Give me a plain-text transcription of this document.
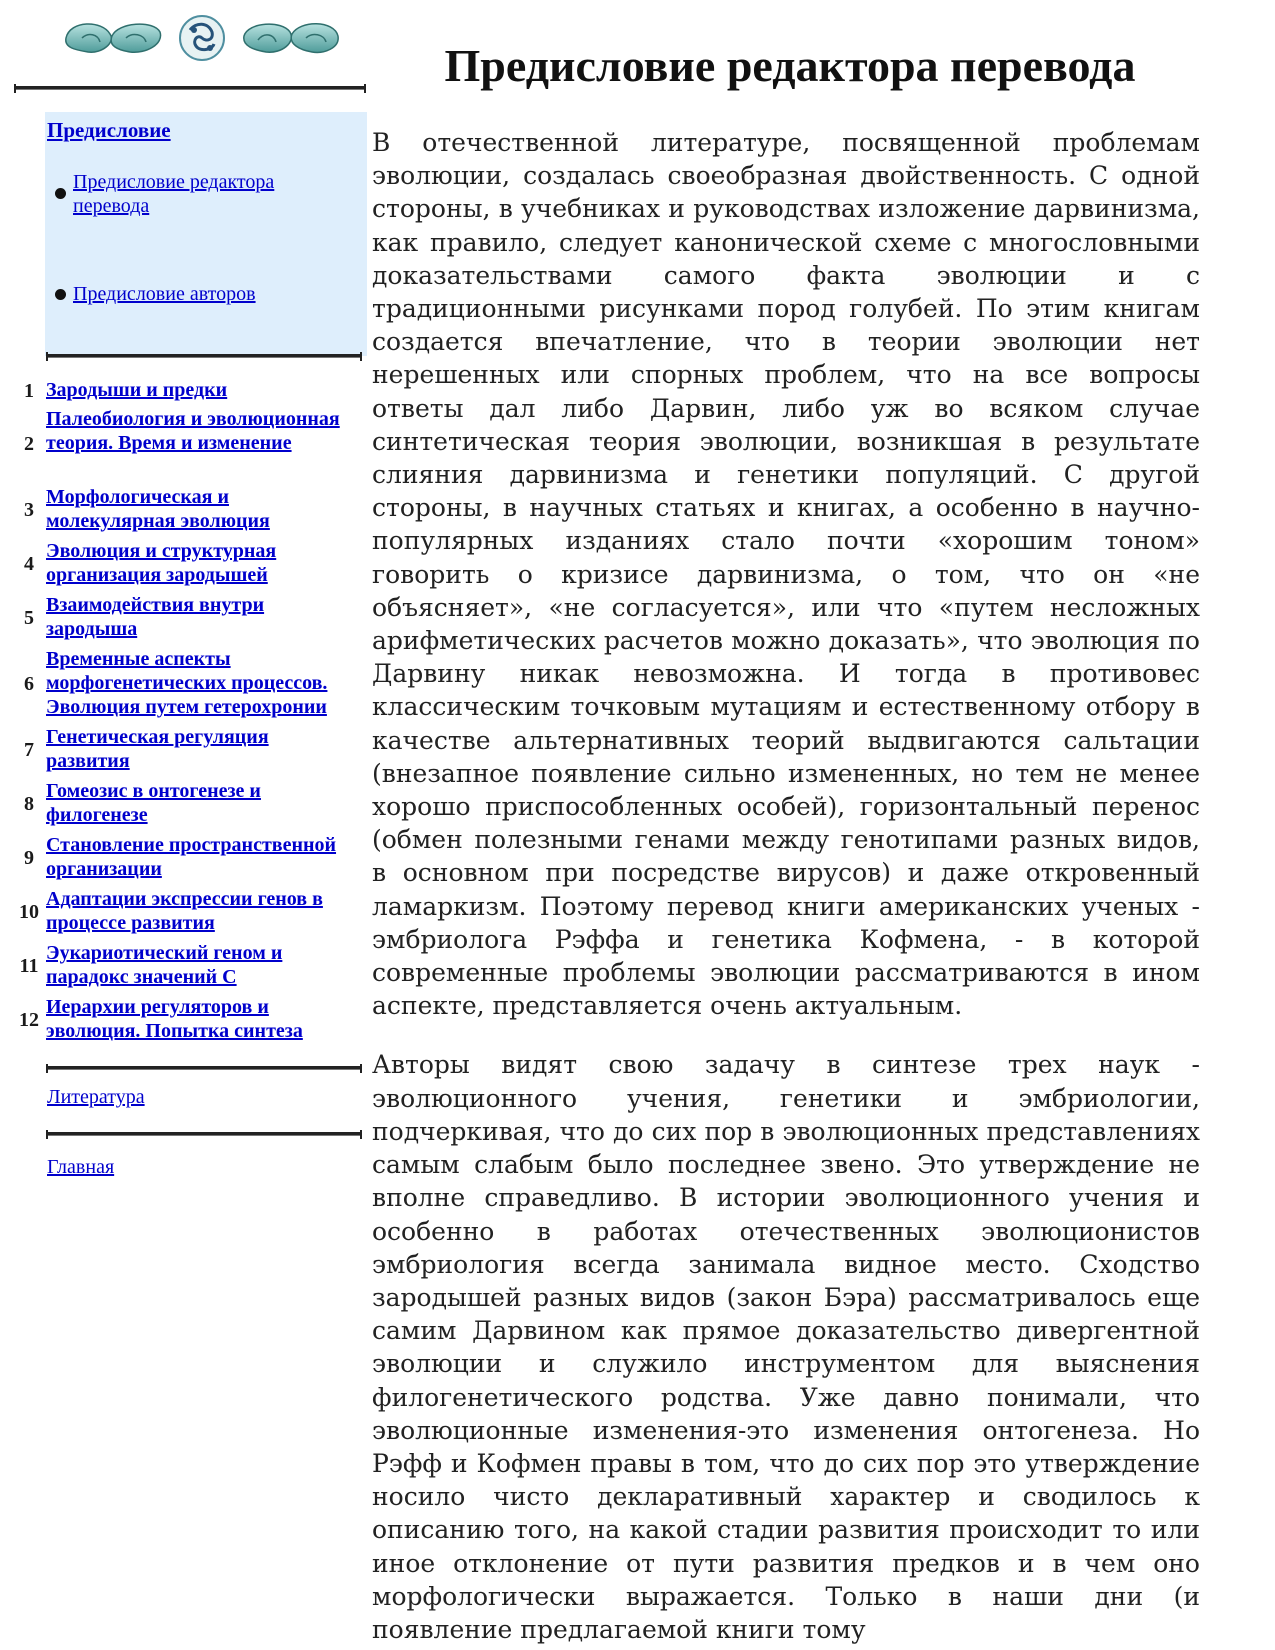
Предисловие
Предисловие редактора перевода
Предисловие авторов
1 Зародыши и предки
2
Палеобиология и эволюционная теория. Время и изменение
3
Морфологическая и молекулярная эволюция
4
Эволюция и структурная организация зародышей
5
Взаимодействия внутри зародыша
6
Временные аспекты морфогенетических процессов. Эволюция путем гетерохронии
7
Генетическая регуляция развития
8
Гомеозис в онтогенезе и филогенезе
9
Становление пространственной организации
10
Адаптации экспрессии генов в процессе развития
11
Эукариотический геном и парадокс значений С
12
Иерархии регуляторов и эволюция. Попытка синтеза
Литература
Главная
Предисловие редактора перевода

В отечественной литературе, посвященной проблемам эволюции, создалась своеобразная двойственность. С одной стороны, в учебниках и руководствах изложение дарвинизма, как правило, следует канонической схеме с многословными доказательствами самого факта эволюции и с традиционными рисунками пород голубей. По этим книгам создается впечатление, что в теории эволюции нет нерешенных или спорных проблем, что на все вопросы ответы дал либо Дарвин, либо уж во всяком случае синтетическая теория эволюции, возникшая в результате слияния дарвинизма и генетики популяций. С другой стороны, в научных статьях и книгах, а особенно в научно-популярных изданиях стало почти «хорошим тоном» говорить о кризисе дарвинизма, о том, что он «не объясняет», «не согласуется», или что «путем несложных арифметических расчетов можно доказать», что эволюция по Дарвину никак невозможна. И тогда в противовес классическим точковым мутациям и естественному отбору в качестве альтернативных теорий выдвигаются сальтации (внезапное появление сильно измененных, но тем не менее хорошо приспособленных особей), горизонтальный перенос (обмен полезными генами между генотипами разных видов, в основном при посредстве вирусов) и даже откровенный ламаркизм. Поэтому перевод книги американских ученых - эмбриолога Рэффа и генетика Кофмена, - в которой современные проблемы эволюции рассматриваются в ином аспекте, представляется очень актуальным.

Авторы видят свою задачу в синтезе трех наук - эволюционного учения, генетики и эмбриологии, подчеркивая, что до сих пор в эволюционных представлениях самым слабым было последнее звено. Это утверждение не вполне справедливо. В истории эволюционного учения и особенно в работах отечественных эволюционистов эмбриология всегда занимала видное место. Сходство зародышей разных видов (закон Бэра) рассматривалось еще самим Дарвином как прямое доказательство дивергентной эволюции и служило инструментом для выяснения филогенетического родства. Уже давно понимали, что эволюционные изменения-это изменения онтогенеза. Но Рэфф и Кофмен правы в том, что до сих пор это утверждение носило чисто декларативный характер и сводилось к описанию того, на какой стадии развития происходит то или иное отклонение от пути развития предков и в чем оно морфологически выражается. Только в наши дни (и появление предлагаемой книги тому
